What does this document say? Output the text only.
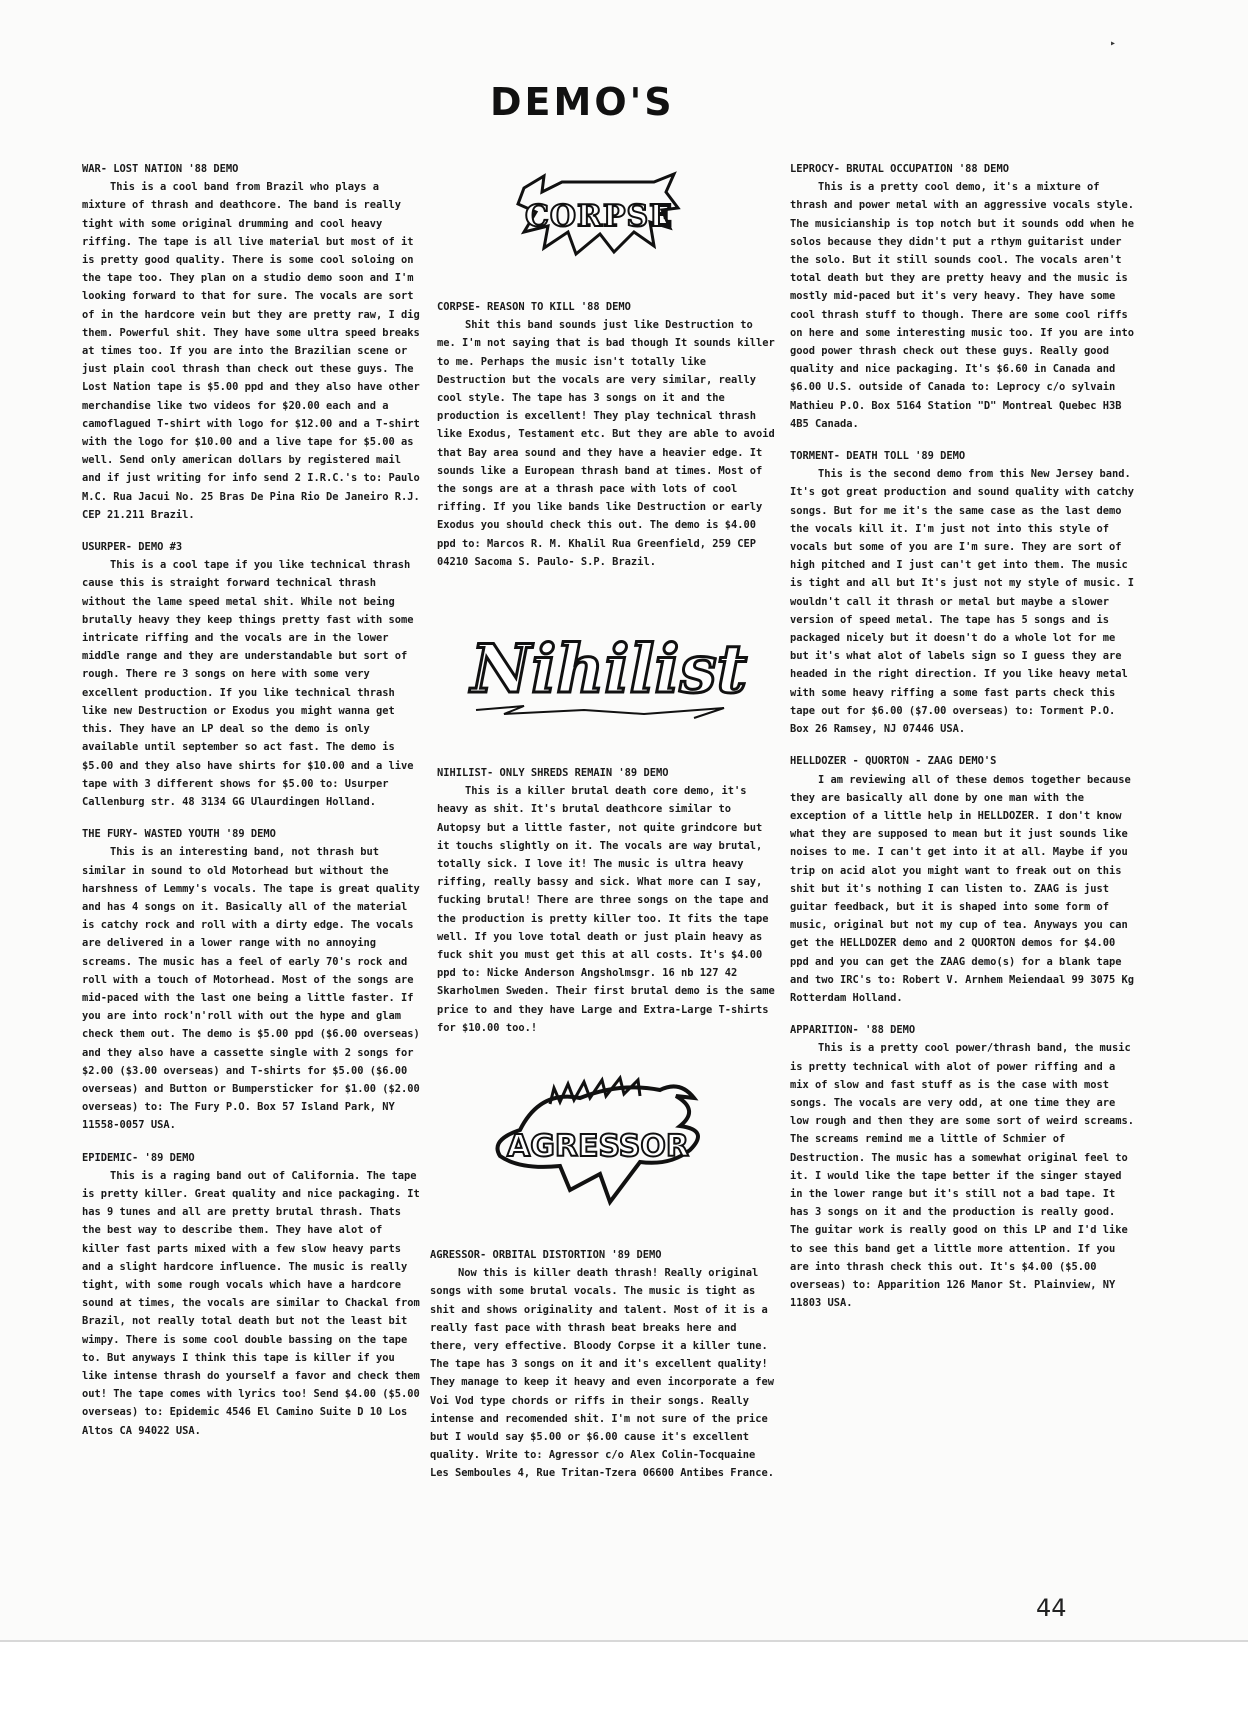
▸
DEMO'S
WAR- LOST NATION '88 DEMO
This is a cool band from Brazil who plays a mixture of thrash and deathcore. The band is really tight with some original drumming and cool heavy riffing. The tape is all live material but most of it is pretty good quality. There is some cool soloing on the tape too. They plan on a studio demo soon and I'm looking forward to that for sure. The vocals are sort of in the hardcore vein but they are pretty raw, I dig them. Powerful shit. They have some ultra speed breaks at times too. If you are into the Brazilian scene or just plain cool thrash than check out these guys. The Lost Nation tape is $5.00 ppd and they also have other merchandise like two videos for $20.00 each and a camoflagued T-shirt with logo for $12.00 and a T-shirt with the logo for $10.00 and a live tape for $5.00 as well. Send only american dollars by registered mail and if just writing for info send 2 I.R.C.'s to: Paulo M.C. Rua Jacui No. 25 Bras De Pina Rio De Janeiro R.J. CEP 21.211 Brazil.
USURPER- DEMO #3
This is a cool tape if you like technical thrash cause this is straight forward technical thrash without the lame speed metal shit. While not being brutally heavy they keep things pretty fast with some intricate riffing and the vocals are in the lower middle range and they are understandable but sort of rough. There re 3 songs on here with some very excellent production. If you like technical thrash like new Destruction or Exodus you might wanna get this. They have an LP deal so the demo is only available until september so act fast. The demo is $5.00 and they also have shirts for $10.00 and a live tape with 3 different shows for $5.00 to: Usurper Callenburg str. 48 3134 GG Ulaurdingen Holland.
THE FURY- WASTED YOUTH '89 DEMO
This is an interesting band, not thrash but similar in sound to old Motorhead but without the harshness of Lemmy's vocals. The tape is great quality and has 4 songs on it. Basically all of the material is catchy rock and roll with a dirty edge. The vocals are delivered in a lower range with no annoying screams. The music has a feel of early 70's rock and roll with a touch of Motorhead. Most of the songs are mid-paced with the last one being a little faster. If you are into rock'n'roll with out the hype and glam check them out. The demo is $5.00 ppd ($6.00 overseas) and they also have a cassette single with 2 songs for $2.00 ($3.00 overseas) and T-shirts for $5.00 ($6.00 overseas) and Button or Bumpersticker for $1.00 ($2.00 overseas) to: The Fury P.O. Box 57 Island Park, NY 11558-0057 USA.
EPIDEMIC- '89 DEMO
This is a raging band out of California. The tape is pretty killer. Great quality and nice packaging. It has 9 tunes and all are pretty brutal thrash. Thats the best way to describe them. They have alot of killer fast parts mixed with a few slow heavy parts and a slight hardcore influence. The music is really tight, with some rough vocals which have a hardcore sound at times, the vocals are similar to Chackal from Brazil, not really total death but not the least bit wimpy. There is some cool double bassing on the tape to. But anyways I think this tape is killer if you like intense thrash do yourself a favor and check them out! The tape comes with lyrics too! Send $4.00 ($5.00 overseas) to: Epidemic 4546 El Camino Suite D 10 Los Altos CA 94022 USA.
CORPSE
CORPSE- REASON TO KILL '88 DEMO
Shit this band sounds just like Destruction to me. I'm not saying that is bad though It sounds killer to me. Perhaps the music isn't totally like Destruction but the vocals are very similar, really cool style. The tape has 3 songs on it and the production is excellent! They play technical thrash like Exodus, Testament etc. But they are able to avoid that Bay area sound and they have a heavier edge. It sounds like a European thrash band at times. Most of the songs are at a thrash pace with lots of cool riffing. If you like bands like Destruction or early Exodus you should check this out. The demo is $4.00 ppd to: Marcos R. M. Khalil Rua Greenfield, 259 CEP 04210 Sacoma S. Paulo- S.P. Brazil.
Nihilist
NIHILIST- ONLY SHREDS REMAIN '89 DEMO
This is a killer brutal death core demo, it's heavy as shit. It's brutal deathcore similar to Autopsy but a little faster, not quite grindcore but it touchs slightly on it. The vocals are way brutal, totally sick. I love it! The music is ultra heavy riffing, really bassy and sick. What more can I say, fucking brutal! There are three songs on the tape and the production is pretty killer too. It fits the tape well. If you love total death or just plain heavy as fuck shit you must get this at all costs. It's $4.00 ppd to: Nicke Anderson Angsholmsgr. 16 nb 127 42 Skarholmen Sweden. Their first brutal demo is the same price to and they have Large and Extra-Large T-shirts for $10.00 too.!
AGRESSOR
AGRESSOR- ORBITAL DISTORTION '89 DEMO
Now this is killer death thrash! Really original songs with some brutal vocals. The music is tight as shit and shows originality and talent. Most of it is a really fast pace with thrash beat breaks here and there, very effective. Bloody Corpse it a killer tune. The tape has 3 songs on it and it's excellent quality! They manage to keep it heavy and even incorporate a few Voi Vod type chords or riffs in their songs. Really intense and recomended shit. I'm not sure of the price but I would say $5.00 or $6.00 cause it's excellent quality. Write to: Agressor c/o Alex Colin-Tocquaine Les Semboules 4, Rue Tritan-Tzera 06600 Antibes France.
LEPROCY- BRUTAL OCCUPATION '88 DEMO
This is a pretty cool demo, it's a mixture of thrash and power metal with an aggressive vocals style. The musicianship is top notch but it sounds odd when he solos because they didn't put a rthym guitarist under the solo. But it still sounds cool. The vocals aren't total death but they are pretty heavy and the music is mostly mid-paced but it's very heavy. They have some cool thrash stuff to though. There are some cool riffs on here and some interesting music too. If you are into good power thrash check out these guys. Really good quality and nice packaging. It's $6.60 in Canada and $6.00 U.S. outside of Canada to: Leprocy c/o sylvain Mathieu P.O. Box 5164 Station "D" Montreal Quebec H3B 4B5 Canada.
TORMENT- DEATH TOLL '89 DEMO
This is the second demo from this New Jersey band. It's got great production and sound quality with catchy songs. But for me it's the same case as the last demo the vocals kill it. I'm just not into this style of vocals but some of you are I'm sure. They are sort of high pitched and I just can't get into them. The music is tight and all but It's just not my style of music. I wouldn't call it thrash or metal but maybe a slower version of speed metal. The tape has 5 songs and is packaged nicely but it doesn't do a whole lot for me but it's what alot of labels sign so I guess they are headed in the right direction. If you like heavy metal with some heavy riffing a some fast parts check this tape out for $6.00 ($7.00 overseas) to: Torment P.O. Box 26 Ramsey, NJ 07446 USA.
HELLDOZER - QUORTON - ZAAG DEMO'S
I am reviewing all of these demos together because they are basically all done by one man with the exception of a little help in HELLDOZER. I don't know what they are supposed to mean but it just sounds like noises to me. I can't get into it at all. Maybe if you trip on acid alot you might want to freak out on this shit but it's nothing I can listen to. ZAAG is just guitar feedback, but it is shaped into some form of music, original but not my cup of tea. Anyways you can get the HELLDOZER demo and 2 QUORTON demos for $4.00 ppd and you can get the ZAAG demo(s) for a blank tape and two IRC's to: Robert V. Arnhem Meiendaal 99 3075 Kg Rotterdam Holland.
APPARITION- '88 DEMO
This is a pretty cool power/thrash band, the music is pretty technical with alot of power riffing and a mix of slow and fast stuff as is the case with most songs. The vocals are very odd, at one time they are low rough and then they are some sort of weird screams. The screams remind me a little of Schmier of Destruction. The music has a somewhat original feel to it. I would like the tape better if the singer stayed in the lower range but it's still not a bad tape. It has 3 songs on it and the production is really good. The guitar work is really good on this LP and I'd like to see this band get a little more attention. If you are into thrash check this out. It's $4.00 ($5.00 overseas) to: Apparition 126 Manor St. Plainview, NY 11803 USA.
44
